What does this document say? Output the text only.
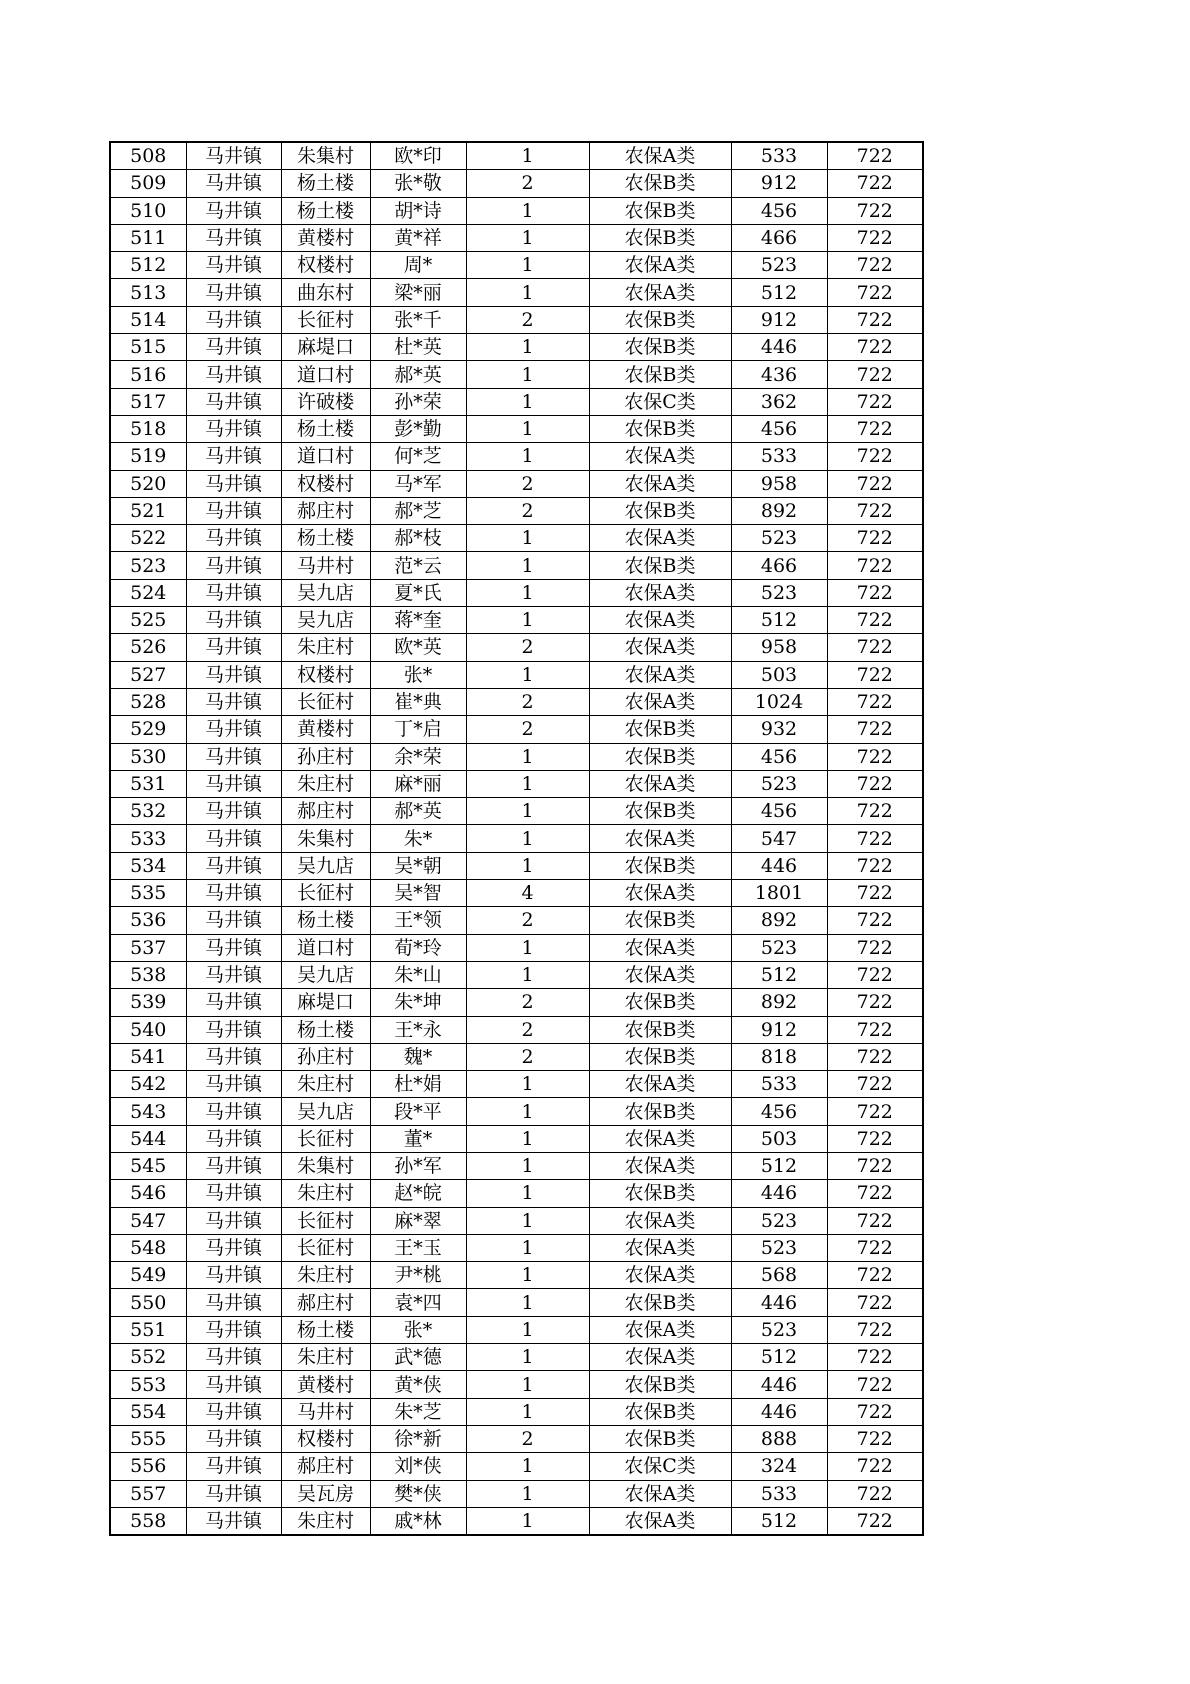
508	马井镇	朱集村	欧*印	1	农保A类	533	722
509	马井镇	杨土楼	张*敬	2	农保B类	912	722
510	马井镇	杨土楼	胡*诗	1	农保B类	456	722
511	马井镇	黄楼村	黄*祥	1	农保B类	466	722
512	马井镇	权楼村	周*	1	农保A类	523	722
513	马井镇	曲东村	梁*丽	1	农保A类	512	722
514	马井镇	长征村	张*千	2	农保B类	912	722
515	马井镇	麻堤口	杜*英	1	农保B类	446	722
516	马井镇	道口村	郝*英	1	农保B类	436	722
517	马井镇	许破楼	孙*荣	1	农保C类	362	722
518	马井镇	杨土楼	彭*勤	1	农保B类	456	722
519	马井镇	道口村	何*芝	1	农保A类	533	722
520	马井镇	权楼村	马*军	2	农保A类	958	722
521	马井镇	郝庄村	郝*芝	2	农保B类	892	722
522	马井镇	杨土楼	郝*枝	1	农保A类	523	722
523	马井镇	马井村	范*云	1	农保B类	466	722
524	马井镇	吴九店	夏*氏	1	农保A类	523	722
525	马井镇	吴九店	蒋*奎	1	农保A类	512	722
526	马井镇	朱庄村	欧*英	2	农保A类	958	722
527	马井镇	权楼村	张*	1	农保A类	503	722
528	马井镇	长征村	崔*典	2	农保A类	1024	722
529	马井镇	黄楼村	丁*启	2	农保B类	932	722
530	马井镇	孙庄村	余*荣	1	农保B类	456	722
531	马井镇	朱庄村	麻*丽	1	农保A类	523	722
532	马井镇	郝庄村	郝*英	1	农保B类	456	722
533	马井镇	朱集村	朱*	1	农保A类	547	722
534	马井镇	吴九店	吴*朝	1	农保B类	446	722
535	马井镇	长征村	吴*智	4	农保A类	1801	722
536	马井镇	杨土楼	王*领	2	农保B类	892	722
537	马井镇	道口村	荀*玲	1	农保A类	523	722
538	马井镇	吴九店	朱*山	1	农保A类	512	722
539	马井镇	麻堤口	朱*坤	2	农保B类	892	722
540	马井镇	杨土楼	王*永	2	农保B类	912	722
541	马井镇	孙庄村	魏*	2	农保B类	818	722
542	马井镇	朱庄村	杜*娟	1	农保A类	533	722
543	马井镇	吴九店	段*平	1	农保B类	456	722
544	马井镇	长征村	董*	1	农保A类	503	722
545	马井镇	朱集村	孙*军	1	农保A类	512	722
546	马井镇	朱庄村	赵*皖	1	农保B类	446	722
547	马井镇	长征村	麻*翠	1	农保A类	523	722
548	马井镇	长征村	王*玉	1	农保A类	523	722
549	马井镇	朱庄村	尹*桃	1	农保A类	568	722
550	马井镇	郝庄村	袁*四	1	农保B类	446	722
551	马井镇	杨土楼	张*	1	农保A类	523	722
552	马井镇	朱庄村	武*德	1	农保A类	512	722
553	马井镇	黄楼村	黄*侠	1	农保B类	446	722
554	马井镇	马井村	朱*芝	1	农保B类	446	722
555	马井镇	权楼村	徐*新	2	农保B类	888	722
556	马井镇	郝庄村	刘*侠	1	农保C类	324	722
557	马井镇	吴瓦房	樊*侠	1	农保A类	533	722
558	马井镇	朱庄村	戚*林	1	农保A类	512	722
